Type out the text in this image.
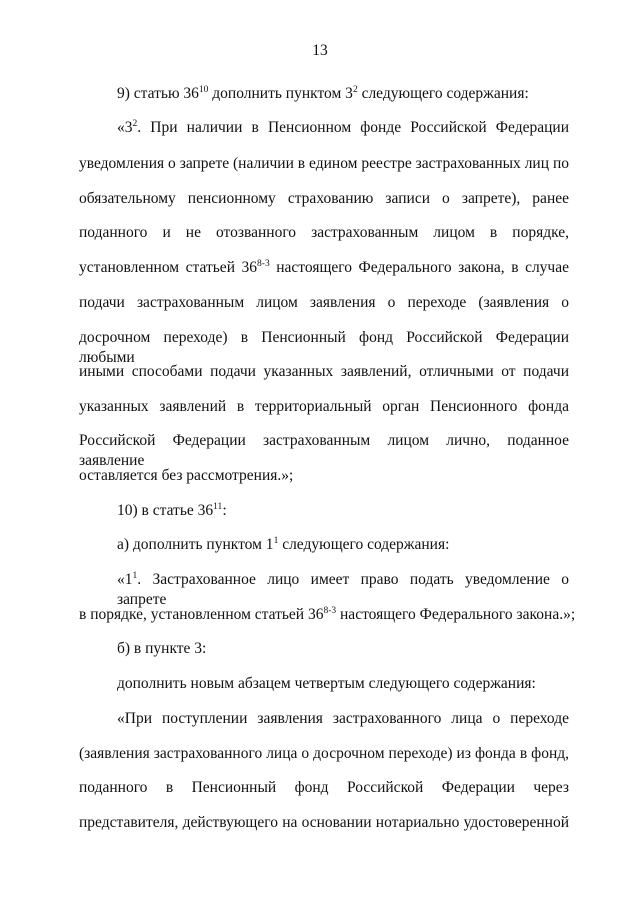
13
9) статью $36^{10}$ дополнить пунктом $3^2$ следующего содержания:
«$3^2$. При наличии в Пенсионном фонде Российской Федерации
уведомления о запрете (наличии в едином реестре застрахованных лиц по
обязательному пенсионному страхованию записи о запрете), ранее
поданного и не отозванного застрахованным лицом в порядке,
установленном статьей 36$^{8-3}$ настоящего Федерального закона, в случае
подачи застрахованным лицом заявления о переходе (заявления о
досрочном переходе) в Пенсионный фонд Российской Федерации любыми
иными способами подачи указанных заявлений, отличными от подачи
указанных заявлений в территориальный орган Пенсионного фонда
Российской Федерации застрахованным лицом лично, поданное заявление
оставляется без рассмотрения.»;
10) в статье $36^{11}$:
а) дополнить пунктом $1^1$ следующего содержания:
«$1^1$. Застрахованное лицо имеет право подать уведомление о запрете
в порядке, установленном статьей 36$^{8-3}$ настоящего Федерального закона.»;
б) в пункте 3:
дополнить новым абзацем четвертым следующего содержания:
«При поступлении заявления застрахованного лица о переходе
(заявления застрахованного лица о досрочном переходе) из фонда в фонд,
поданного в Пенсионный фонд Российской Федерации через
представителя, действующего на основании нотариально удостоверенной
